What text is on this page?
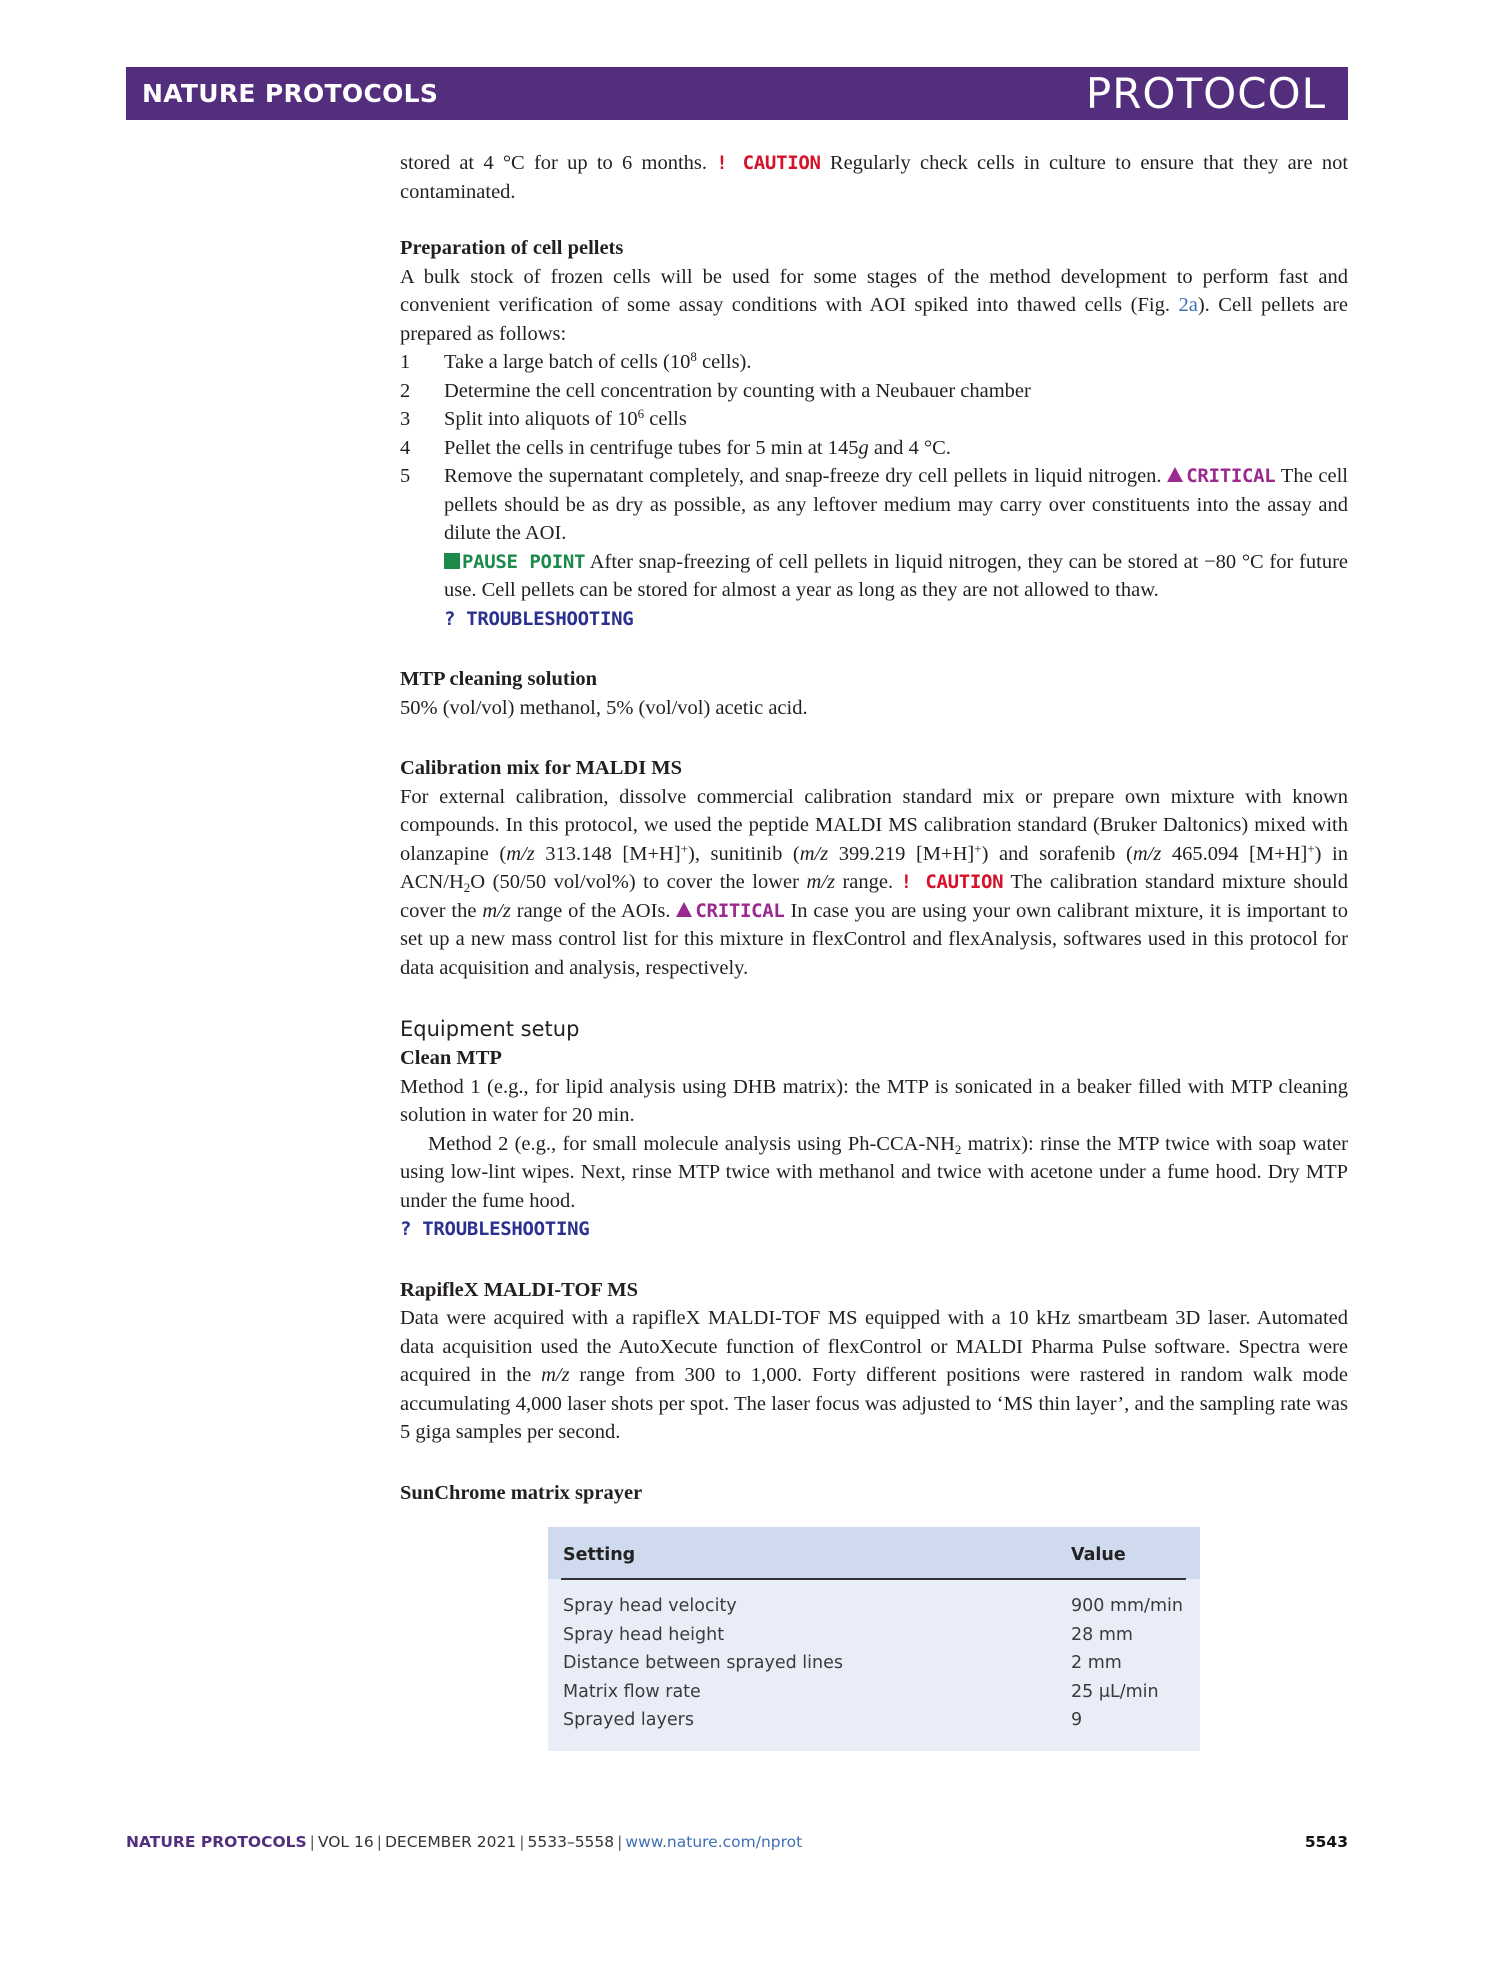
NATURE PROTOCOLS	PROTOCOL

stored at 4 °C for up to 6 months. ! CAUTION Regularly check cells in culture to ensure that they are not contaminated.

Preparation of cell pellets

A bulk stock of frozen cells will be used for some stages of the method development to perform fast and convenient verification of some assay conditions with AOI spiked into thawed cells (Fig. 2a). Cell pellets are prepared as follows:

1	Take a large batch of cells ($10^8$ cells).
2	Determine the cell concentration by counting with a Neubauer chamber
3	Split into aliquots of $10^6$ cells
4	Pellet the cells in centrifuge tubes for 5 min at 145g and 4 °C.
5	Remove the supernatant completely, and snap-freeze dry cell pellets in liquid nitrogen. CRITICAL The cell pellets should be as dry as possible, as any leftover medium may carry over constituents into the assay and dilute the AOI.
PAUSE POINT After snap-freezing of cell pellets in liquid nitrogen, they can be stored at −80 °C for future use. Cell pellets can be stored for almost a year as long as they are not allowed to thaw.
? TROUBLESHOOTING

MTP cleaning solution

50% (vol/vol) methanol, 5% (vol/vol) acetic acid.

Calibration mix for MALDI MS

For external calibration, dissolve commercial calibration standard mix or prepare own mixture with known compounds. In this protocol, we used the peptide MALDI MS calibration standard (Bruker Daltonics) mixed with olanzapine (m/z 313.148 [M+H]+), sunitinib (m/z 399.219 [M+H]+) and sorafenib (m/z 465.094 [M+H]+) in ACN/$H_2O$ (50/50 vol/vol%) to cover the lower m/z range. ! CAUTION The calibration standard mixture should cover the m/z range of the AOIs. CRITICAL In case you are using your own calibrant mixture, it is important to set up a new mass control list for this mixture in flexControl and flexAnalysis, softwares used in this protocol for data acquisition and analysis, respectively.

Equipment setup

Clean MTP

Method 1 (e.g., for lipid analysis using DHB matrix): the MTP is sonicated in a beaker filled with MTP cleaning solution in water for 20 min.

Method 2 (e.g., for small molecule analysis using $Ph-CCA-NH_2$ matrix): rinse the MTP twice with soap water using low-lint wipes. Next, rinse MTP twice with methanol and twice with acetone under a fume hood. Dry MTP under the fume hood.

? TROUBLESHOOTING

RapifleX MALDI-TOF MS

Data were acquired with a rapifleX MALDI-TOF MS equipped with a 10 kHz smartbeam 3D laser. Automated data acquisition used the AutoXecute function of flexControl or MALDI Pharma Pulse software. Spectra were acquired in the m/z range from 300 to 1,000. Forty different positions were rastered in random walk mode accumulating 4,000 laser shots per spot. The laser focus was adjusted to ‘MS thin layer’, and the sampling rate was 5 giga samples per second.

SunChrome matrix sprayer

Setting	Value
Spray head velocity	900 mm/min
Spray head height	28 mm
Distance between sprayed lines	2 mm
Matrix flow rate	25 μL/min
Sprayed layers	9
NATURE PROTOCOLS | VOL 16 | DECEMBER 2021 | 5533–5558 | www.nature.com/nprot	5543
